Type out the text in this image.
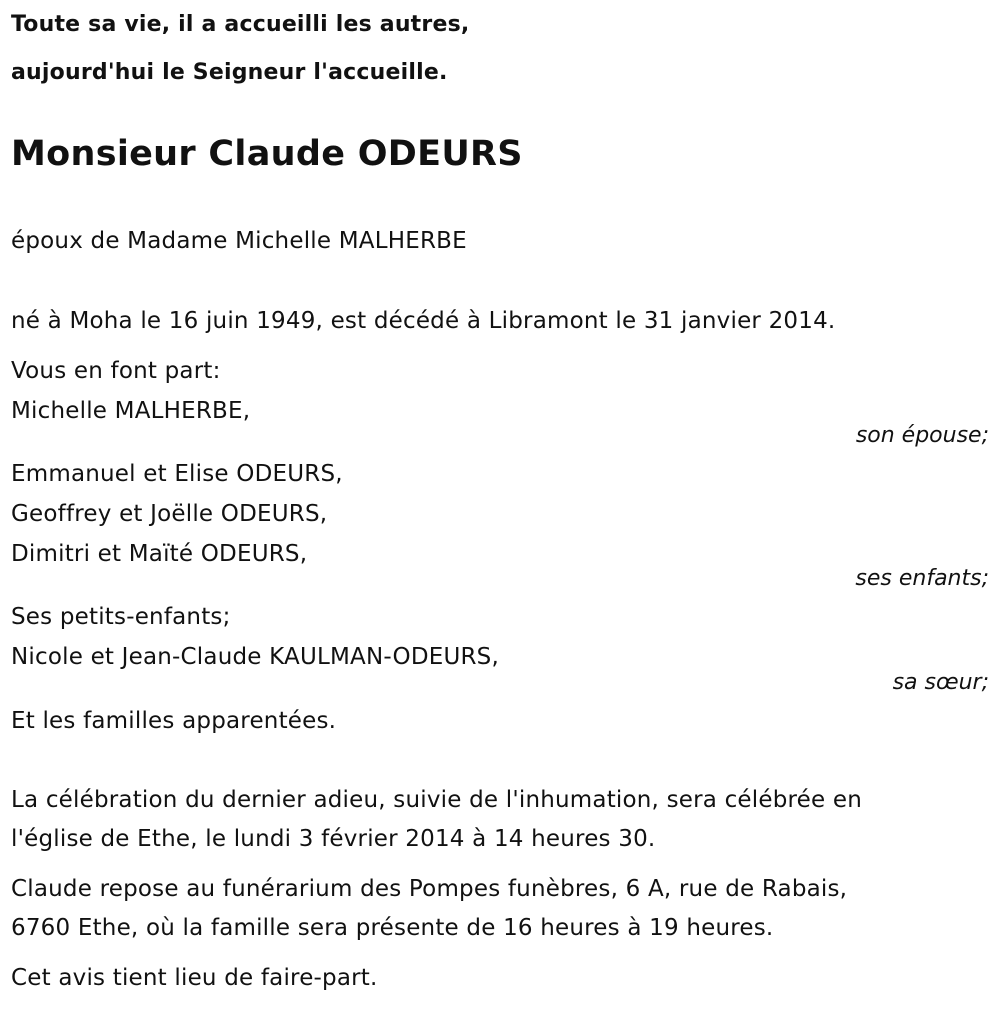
Toute sa vie, il a accueilli les autres,
aujourd'hui le Seigneur l'accueille.
Monsieur Claude ODEURS
époux de Madame Michelle MALHERBE
né à Moha le 16 juin 1949, est décédé à Libramont le 31 janvier 2014.
Vous en font part:
Michelle MALHERBE,
son épouse;
Emmanuel et Elise ODEURS,
Geoffrey et Joëlle ODEURS,
Dimitri et Maïté ODEURS,
ses enfants;
Ses petits-enfants;
Nicole et Jean-Claude KAULMAN-ODEURS,
sa sœur;
Et les familles apparentées.
La célébration du dernier adieu, suivie de l'inhumation, sera célébrée en
l'église de Ethe, le lundi 3 février 2014 à 14 heures 30.
Claude repose au funérarium des Pompes funèbres, 6 A, rue de Rabais,
6760 Ethe, où la famille sera présente de 16 heures à 19 heures.
Cet avis tient lieu de faire-part.
